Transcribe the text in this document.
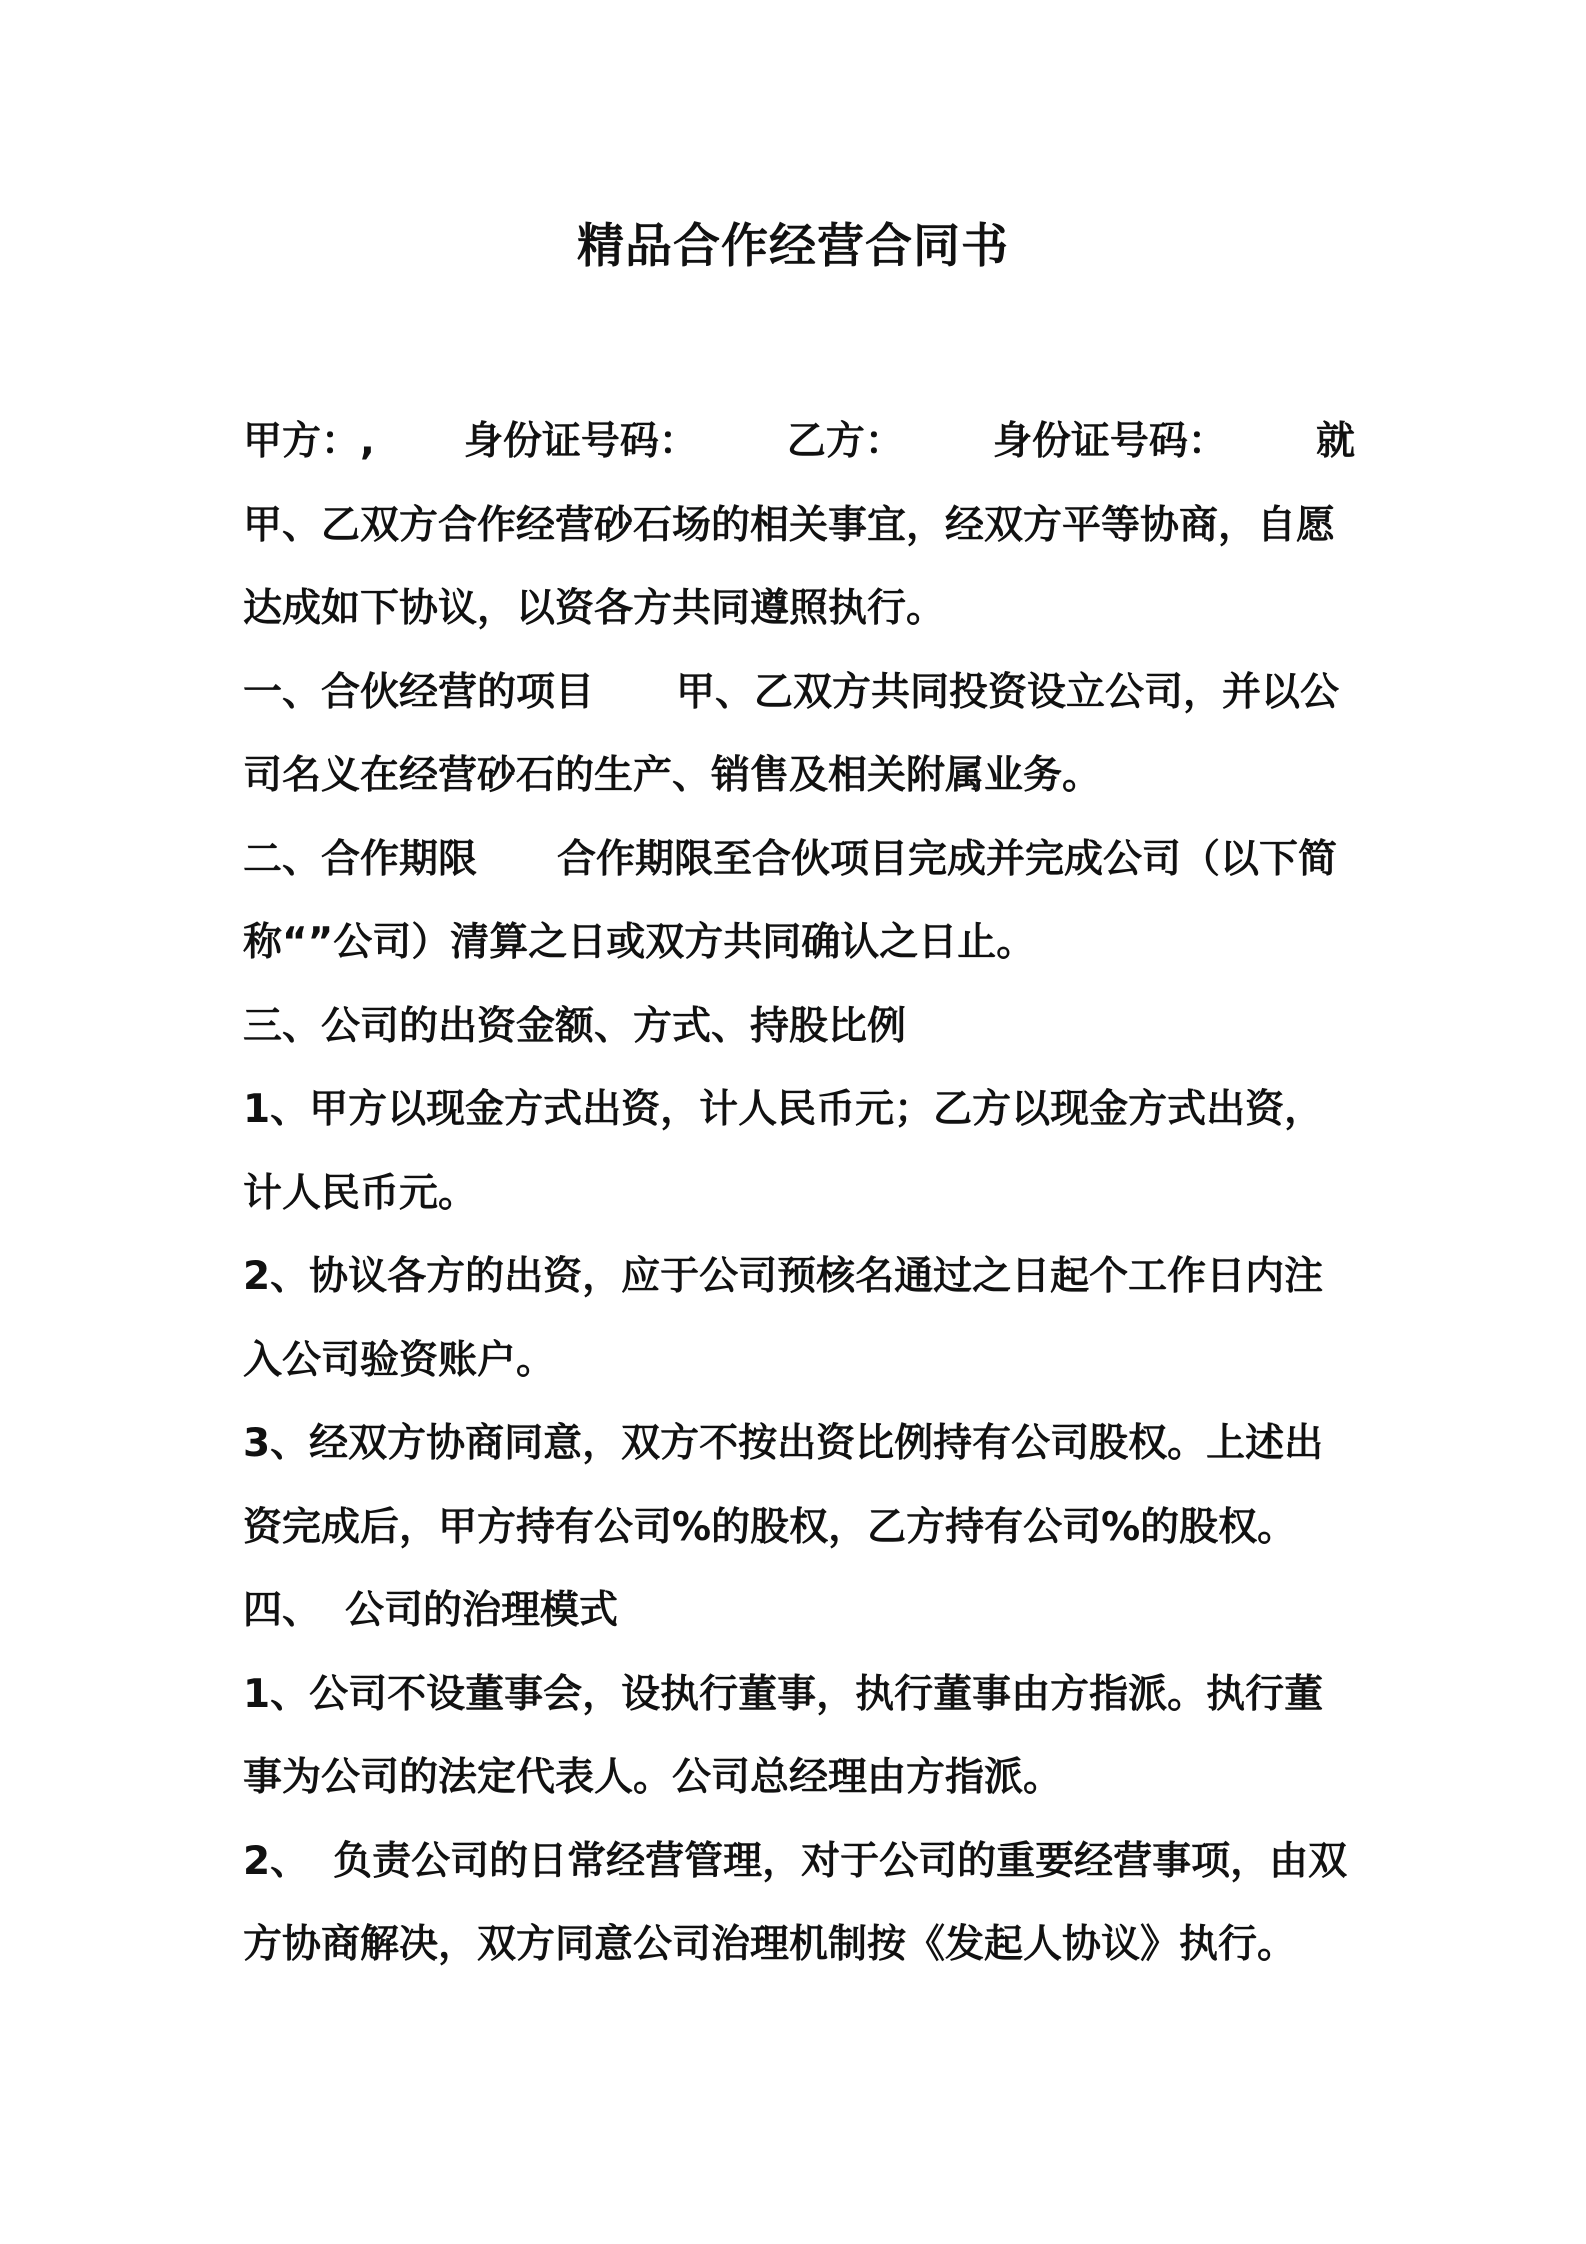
精品合作经营合同书
甲方：, 身份证号码： 乙方： 身份证号码： 就
甲、乙双方合作经营砂石场的相关事宜，经双方平等协商，自愿
达成如下协议，以资各方共同遵照执行。
一、合伙经营的项目 甲、乙双方共同投资设立公司，并以公
司名义在经营砂石的生产、销售及相关附属业务。
二、合作期限 合作期限至合伙项目完成并完成公司（以下简
称“”公司）清算之日或双方共同确认之日止。
三、公司的出资金额、方式、持股比例
1、甲方以现金方式出资，计人民币元；乙方以现金方式出资，
计人民币元。
2、协议各方的出资，应于公司预核名通过之日起个工作日内注
入公司验资账户。
3、经双方协商同意，双方不按出资比例持有公司股权。上述出
资完成后，甲方持有公司%的股权，乙方持有公司%的股权。
四、 公司的治理模式
1、公司不设董事会，设执行董事，执行董事由方指派。执行董
事为公司的法定代表人。公司总经理由方指派。
2、 负责公司的日常经营管理，对于公司的重要经营事项，由双
方协商解决，双方同意公司治理机制按《发起人协议》执行。
